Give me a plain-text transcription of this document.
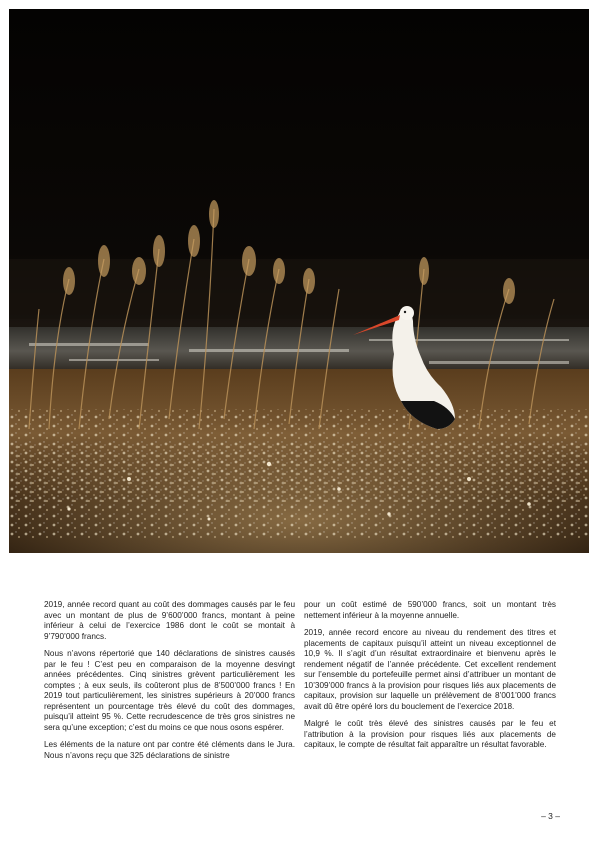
2019, année record quant au coût des dommages causés par le feu avec un montant de plus de 9’600’000 francs, montant à peine inférieur à celui de l’exercice 1986 dont le coût se montait à 9’790’000 francs.

Nous n’avons répertorié que 140 déclarations de sinistres causés par le feu ! C’est peu en comparaison de la moyenne desvingt années précédentes. Cinq sinistres grèvent particulièrement les comptes ; à eux seuls, ils coûteront plus de 8’500’000 francs ! En 2019 tout particulièrement, les sinistres supérieurs à 20’000 francs représentent un pourcentage très élevé du coût des dommages, puisqu’il atteint 95 %. Cette recrudescence de très gros sinistres ne sera qu’une exception; c’est du moins ce que nous osons espérer.

Les éléments de la nature ont par contre été cléments dans le Jura. Nous n’avons reçu que 325 déclarations de sinistre

pour un coût estimé de 590’000 francs, soit un montant très nettement inférieur à la moyenne annuelle.

2019, année record encore au niveau du rendement des titres et placements de capitaux puisqu’il atteint un niveau exceptionnel de 10,9 %. Il s’agit d’un résultat extraordinaire et bienvenu après le rendement négatif de l’année précédente. Cet excellent rendement sur l’ensemble du portefeuille permet ainsi d’attribuer un montant de 10’309’000 francs à la provision pour risques liés aux placements de capitaux, provision sur laquelle un prélèvement de 8’001’000 francs avait dû être opéré lors du bouclement de l’exercice 2018.

Malgré le coût très élevé des sinistres causés par le feu et l’attribution à la provision pour risques liés aux placements de capitaux, le compte de résultat fait apparaître un résultat favorable.

– 3 –
